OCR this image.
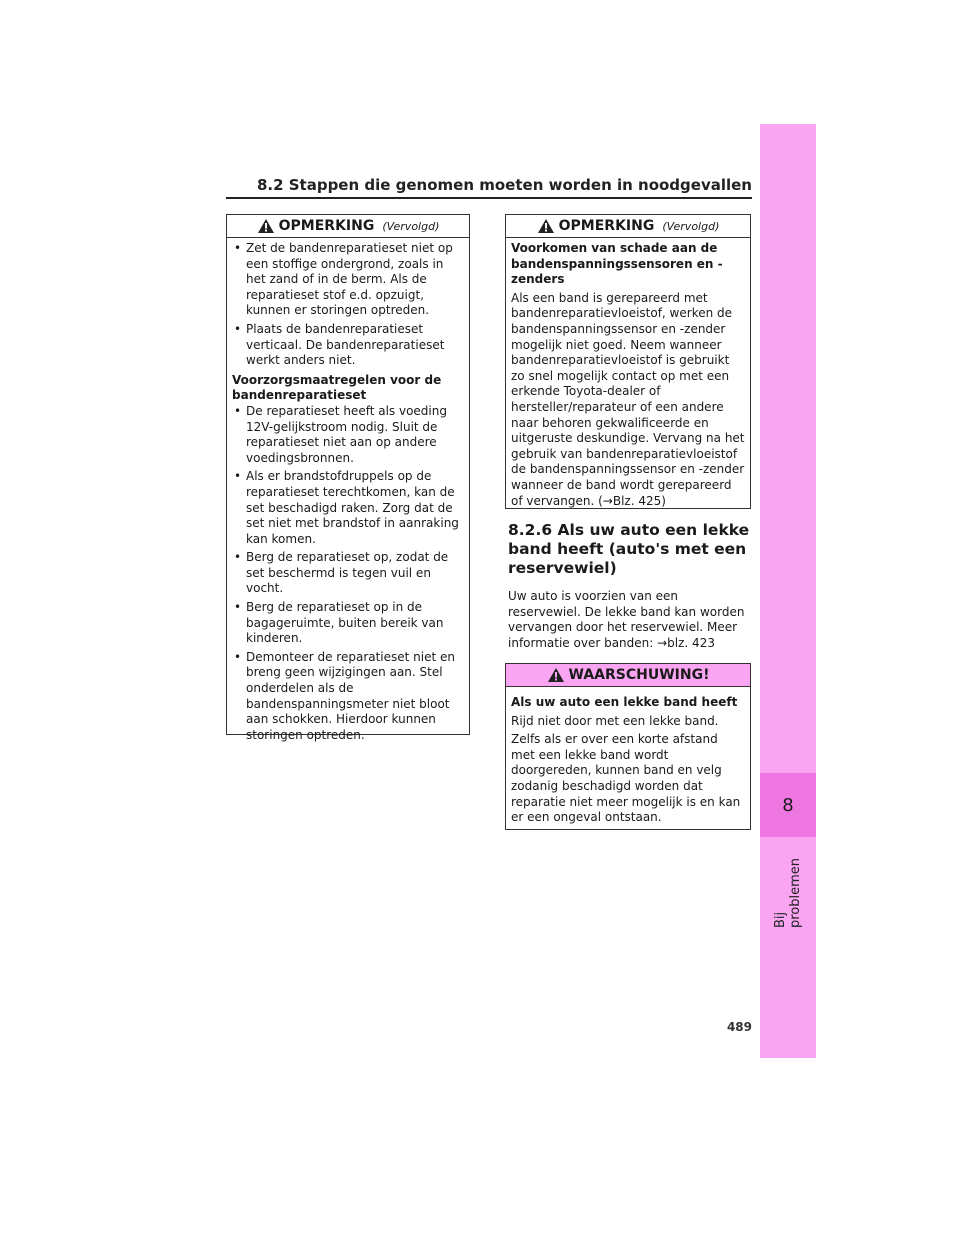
8.2 Stappen die genomen moeten worden in noodgevallen
8
Bij problemen
OPMERKING (Vervolgd)
• Zet de bandenreparatieset niet op een stoffige ondergrond, zoals in het zand of in de berm. Als de reparatieset stof e.d. opzuigt, kunnen er storingen optreden.
• Plaats de bandenreparatieset verticaal. De bandenreparatieset werkt anders niet.

Voorzorgsmaatregelen voor de bandenreparatieset

• De reparatieset heeft als voeding 12V-gelijkstroom nodig. Sluit de reparatieset niet aan op andere voedingsbronnen.
• Als er brandstofdruppels op de reparatieset terechtkomen, kan de set beschadigd raken. Zorg dat de set niet met brandstof in aanraking kan komen.
• Berg de reparatieset op, zodat de set beschermd is tegen vuil en vocht.
• Berg de reparatieset op in de bagageruimte, buiten bereik van kinderen.
• Demonteer de reparatieset niet en breng geen wijzigingen aan. Stel onderdelen als de bandenspanningsmeter niet bloot aan schokken. Hierdoor kunnen storingen optreden.
OPMERKING (Vervolgd)

Voorkomen van schade aan de bandenspanningssensoren en -zenders

Als een band is gerepareerd met bandenreparatievloeistof, werken de bandenspanningssensor en -zender mogelijk niet goed. Neem wanneer bandenreparatievloeistof is gebruikt zo snel mogelijk contact op met een erkende Toyota-dealer of hersteller/reparateur of een andere naar behoren gekwalificeerde en uitgeruste deskundige. Vervang na het gebruik van bandenreparatievloeistof de bandenspanningssensor en -zender wanneer de band wordt gerepareerd of vervangen. (→Blz. 425)

8.2.6 Als uw auto een lekke band heeft (auto's met een reservewiel)
Uw auto is voorzien van een reservewiel. De lekke band kan worden vervangen door het reservewiel. Meer informatie over banden: →blz. 423
WAARSCHUWING!

Als uw auto een lekke band heeft

Rijd niet door met een lekke band.

Zelfs als er over een korte afstand met een lekke band wordt doorgereden, kunnen band en velg zodanig beschadigd worden dat reparatie niet meer mogelijk is en kan er een ongeval ontstaan.

489
